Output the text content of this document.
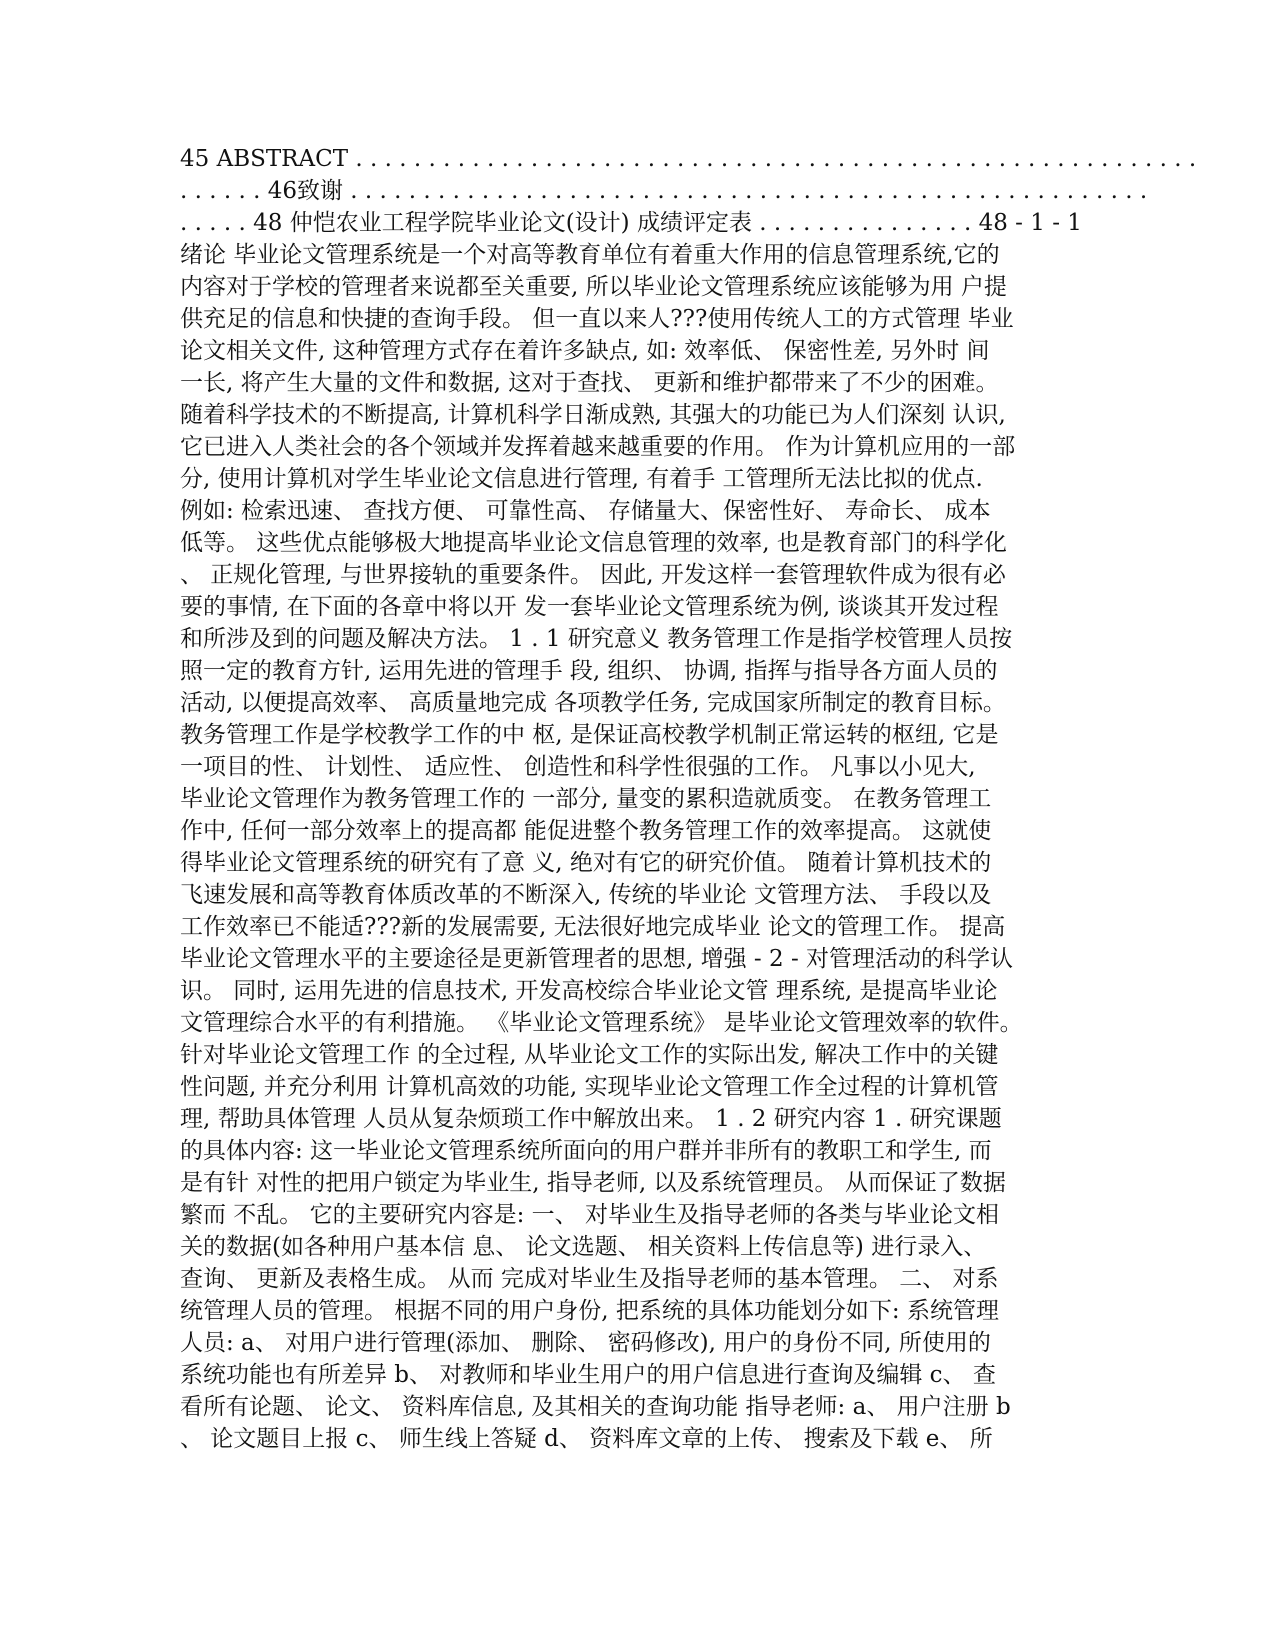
45 ABSTRACT . . . . . . . . . . . . . . . . . . . . . . . . . . . . . . . . . . . . . . . . . . . . . . . . . . . . . . . . . .
. . . . . . 46致谢 . . . . . . . . . . . . . . . . . . . . . . . . . . . . . . . . . . . . . . . . . . . . . . . . . . . . . . .
. . . . . 48 仲恺农业工程学院毕业论文(设计) 成绩评定表 . . . . . . . . . . . . . . . 48 - 1 - 1
绪论 毕业论文管理系统是一个对高等教育单位有着重大作用的信息管理系统,它的
内容对于学校的管理者来说都至关重要, 所以毕业论文管理系统应该能够为用 户提
供充足的信息和快捷的查询手段。 但一直以来人???使用传统人工的方式管理 毕业
论文相关文件, 这种管理方式存在着许多缺点, 如: 效率低、 保密性差, 另外时 间
一长, 将产生大量的文件和数据, 这对于查找、 更新和维护都带来了不少的困难。
随着科学技术的不断提高, 计算机科学日渐成熟, 其强大的功能已为人们深刻 认识,
它已进入人类社会的各个领域并发挥着越来越重要的作用。 作为计算机应用的一部
分, 使用计算机对学生毕业论文信息进行管理, 有着手 工管理所无法比拟的优点.
例如: 检索迅速、 查找方便、 可靠性高、 存储量大、保密性好、 寿命长、 成本
低等。 这些优点能够极大地提高毕业论文信息管理的效率, 也是教育部门的科学化
、 正规化管理, 与世界接轨的重要条件。 因此, 开发这样一套管理软件成为很有必
要的事情, 在下面的各章中将以开 发一套毕业论文管理系统为例, 谈谈其开发过程
和所涉及到的问题及解决方法。 1 . 1 研究意义 教务管理工作是指学校管理人员按
照一定的教育方针, 运用先进的管理手 段, 组织、 协调, 指挥与指导各方面人员的
活动, 以便提高效率、 高质量地完成 各项教学任务, 完成国家所制定的教育目标。
教务管理工作是学校教学工作的中 枢, 是保证高校教学机制正常运转的枢纽, 它是
一项目的性、 计划性、 适应性、 创造性和科学性很强的工作。 凡事以小见大,
毕业论文管理作为教务管理工作的 一部分, 量变的累积造就质变。 在教务管理工
作中, 任何一部分效率上的提高都 能促进整个教务管理工作的效率提高。 这就使
得毕业论文管理系统的研究有了意 义, 绝对有它的研究价值。 随着计算机技术的
飞速发展和高等教育体质改革的不断深入, 传统的毕业论 文管理方法、 手段以及
工作效率已不能适???新的发展需要, 无法很好地完成毕业 论文的管理工作。 提高
毕业论文管理水平的主要途径是更新管理者的思想, 增强 - 2 - 对管理活动的科学认
识。 同时, 运用先进的信息技术, 开发高校综合毕业论文管 理系统, 是提高毕业论
文管理综合水平的有利措施。 《毕业论文管理系统》 是毕业论文管理效率的软件。
针对毕业论文管理工作 的全过程, 从毕业论文工作的实际出发, 解决工作中的关键
性问题, 并充分利用 计算机高效的功能, 实现毕业论文管理工作全过程的计算机管
理, 帮助具体管理 人员从复杂烦琐工作中解放出来。 1 . 2 研究内容 1 . 研究课题
的具体内容: 这一毕业论文管理系统所面向的用户群并非所有的教职工和学生, 而
是有针 对性的把用户锁定为毕业生, 指导老师, 以及系统管理员。 从而保证了数据
繁而 不乱。 它的主要研究内容是: 一、 对毕业生及指导老师的各类与毕业论文相
关的数据(如各种用户基本信 息、 论文选题、 相关资料上传信息等) 进行录入、
查询、 更新及表格生成。 从而 完成对毕业生及指导老师的基本管理。 二、 对系
统管理人员的管理。 根据不同的用户身份, 把系统的具体功能划分如下: 系统管理
人员: a、 对用户进行管理(添加、 删除、 密码修改), 用户的身份不同, 所使用的
系统功能也有所差异 b、 对教师和毕业生用户的用户信息进行查询及编辑 c、 查
看所有论题、 论文、 资料库信息, 及其相关的查询功能 指导老师: a、 用户注册 b
、 论文题目上报 c、 师生线上答疑 d、 资料库文章的上传、 搜索及下载 e、 所
